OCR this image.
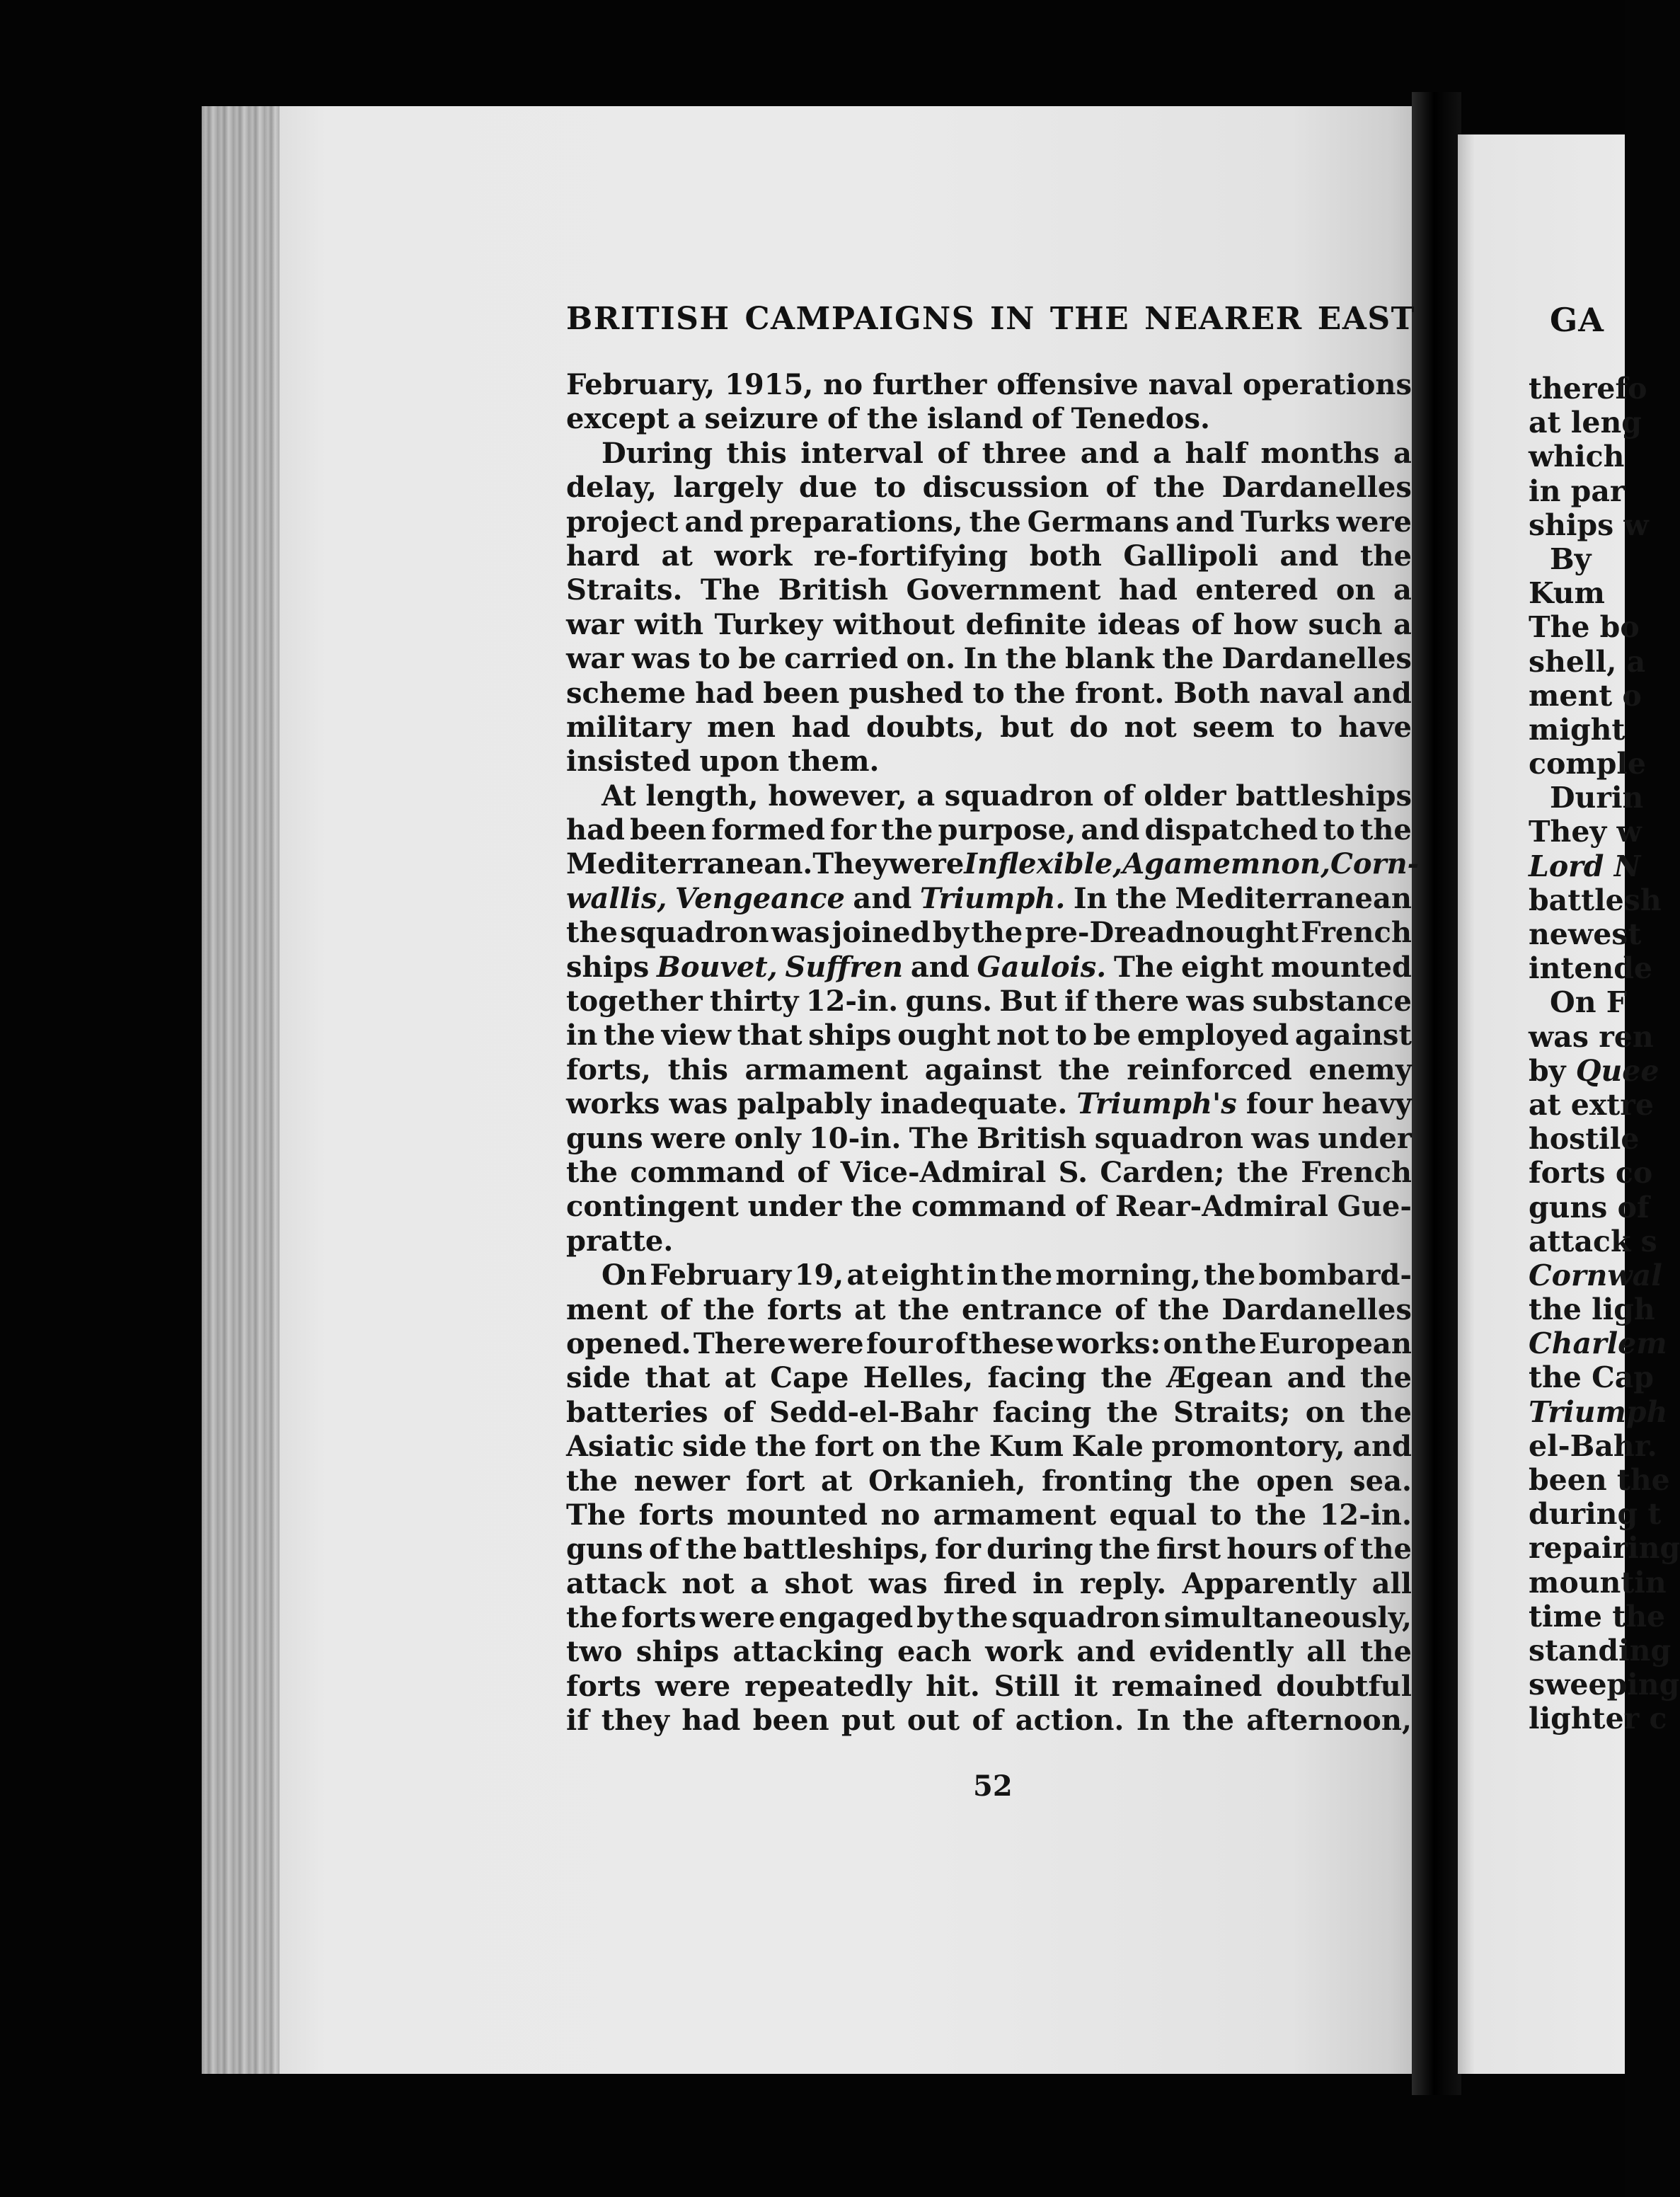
BRITISH CAMPAIGNS IN THE NEARER EAST
February, 1915, no further offensive naval operations
except a seizure of the island of Tenedos.
During this interval of three and a half months a
delay, largely due to discussion of the Dardanelles
project and preparations, the Germans and Turks were
hard at work re-fortifying both Gallipoli and the
Straits. The British Government had entered on a
war with Turkey without definite ideas of how such a
war was to be carried on. In the blank the Dardanelles
scheme had been pushed to the front. Both naval and
military men had doubts, but do not seem to have
insisted upon them.
At length, however, a squadron of older battleships
had been formed for the purpose, and dispatched to the
Mediterranean. They were Inflexible, Agamemnon, Corn-
wallis, Vengeance and Triumph. In the Mediterranean
the squadron was joined by the pre-Dreadnought French
ships Bouvet, Suffren and Gaulois. The eight mounted
together thirty 12-in. guns. But if there was substance
in the view that ships ought not to be employed against
forts, this armament against the reinforced enemy
works was palpably inadequate. Triumph's four heavy
guns were only 10-in. The British squadron was under
the command of Vice-Admiral S. Carden; the French
contingent under the command of Rear-Admiral Gue-
pratte.
On February 19, at eight in the morning, the bombard-
ment of the forts at the entrance of the Dardanelles
opened. There were four of these works: on the European
side that at Cape Helles, facing the Ægean and the
batteries of Sedd-el-Bahr facing the Straits; on the
Asiatic side the fort on the Kum Kale promontory, and
the newer fort at Orkanieh, fronting the open sea.
The forts mounted no armament equal to the 12-in.
guns of the battleships, for during the first hours of the
attack not a shot was fired in reply. Apparently all
the forts were engaged by the squadron simultaneously,
two ships attacking each work and evidently all the
forts were repeatedly hit. Still it remained doubtful
if they had been put out of action. In the afternoon,
52
GA
therefo
at leng
which
in par
ships w
By
Kum
The bo
shell, a
ment o
might
comple
Durin
They w
Lord N
battlesh
newest
intende
On F
was ren
by Quee
at extre
hostile
forts co
guns of
attack s
Cornwal
the ligh
Charlem
the Cap
Triumph
el-Bahr.
been the
during t
repairing
mountin
time the
standing
sweeping
lighter c
